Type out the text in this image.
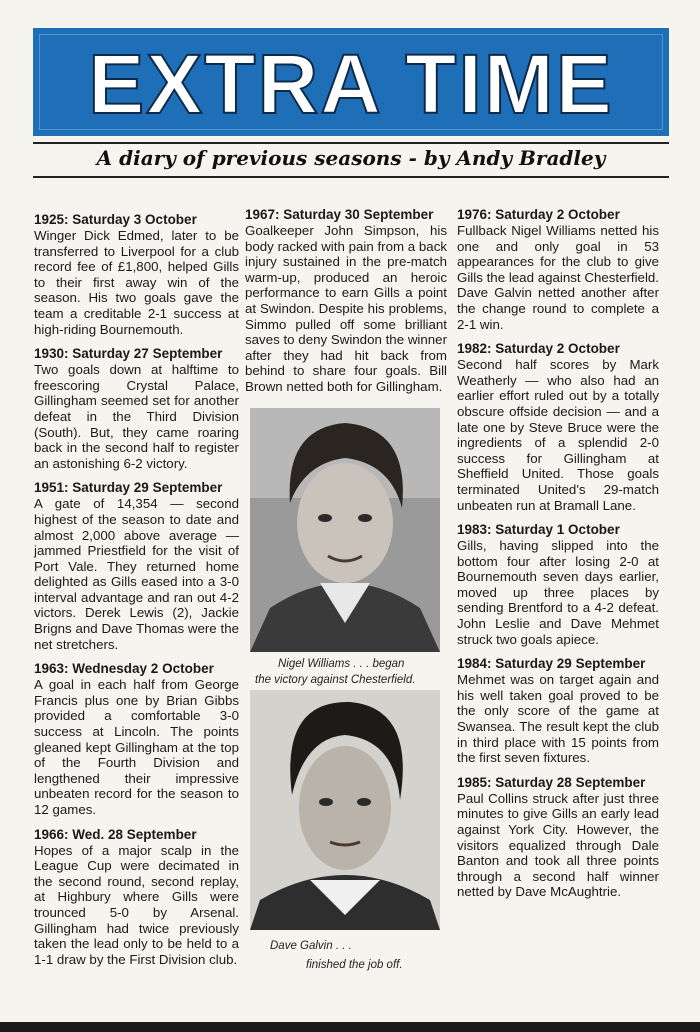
EXTRA TIME
A diary of previous seasons - by Andy Bradley
1925: Saturday 3 October

Winger Dick Edmed, later to be transferred to Liverpool for a club record fee of £1,800, helped Gills to their first away win of the season. His two goals gave the team a creditable 2-1 success at high-riding Bournemouth.

1930: Saturday 27 September

Two goals down at halftime to freescoring Crystal Palace, Gillingham seemed set for another defeat in the Third Division (South). But, they came roaring back in the second half to register an astonishing 6-2 victory.

1951: Saturday 29 September

A gate of 14,354 — second highest of the season to date and almost 2,000 above average — jammed Priestfield for the visit of Port Vale. They returned home delighted as Gills eased into a 3-0 interval advantage and ran out 4-2 victors. Derek Lewis (2), Jackie Brigns and Dave Thomas were the net stretchers.

1963: Wednesday 2 October

A goal in each half from George Francis plus one by Brian Gibbs provided a comfortable 3-0 success at Lincoln. The points gleaned kept Gillingham at the top of the Fourth Division and lengthened their impressive unbeaten record for the season to 12 games.

1966: Wed. 28 September

Hopes of a major scalp in the League Cup were decimated in the second round, second replay, at Highbury where Gills were trounced 5-0 by Arsenal. Gillingham had twice previously taken the lead only to be held to a 1-1 draw by the First Division club.

1967: Saturday 30 September

Goalkeeper John Simpson, his body racked with pain from a back injury sustained in the pre-match warm-up, produced an heroic performance to earn Gills a point at Swindon. Despite his problems, Simmo pulled off some brilliant saves to deny Swindon the winner after they had hit back from behind to share four goals. Bill Brown netted both for Gillingham.

Nigel Williams . . . began
the victory against Chesterfield.
Dave Galvin . . .
finished the job off.
1976: Saturday 2 October

Fullback Nigel Williams netted his one and only goal in 53 appearances for the club to give Gills the lead against Chesterfield. Dave Galvin netted another after the change round to complete a 2-1 win.

1982: Saturday 2 October

Second half scores by Mark Weatherly — who also had an earlier effort ruled out by a totally obscure offside decision — and a late one by Steve Bruce were the ingredients of a splendid 2-0 success for Gillingham at Sheffield United. Those goals terminated United's 29-match unbeaten run at Bramall Lane.

1983: Saturday 1 October

Gills, having slipped into the bottom four after losing 2-0 at Bournemouth seven days earlier, moved up three places by sending Brentford to a 4-2 defeat. John Leslie and Dave Mehmet struck two goals apiece.

1984: Saturday 29 September

Mehmet was on target again and his well taken goal proved to be the only score of the game at Swansea. The result kept the club in third place with 15 points from the first seven fixtures.

1985: Saturday 28 September

Paul Collins struck after just three minutes to give Gills an early lead against York City. However, the visitors equalized through Dale Banton and took all three points through a second half winner netted by Dave McAughtrie.
